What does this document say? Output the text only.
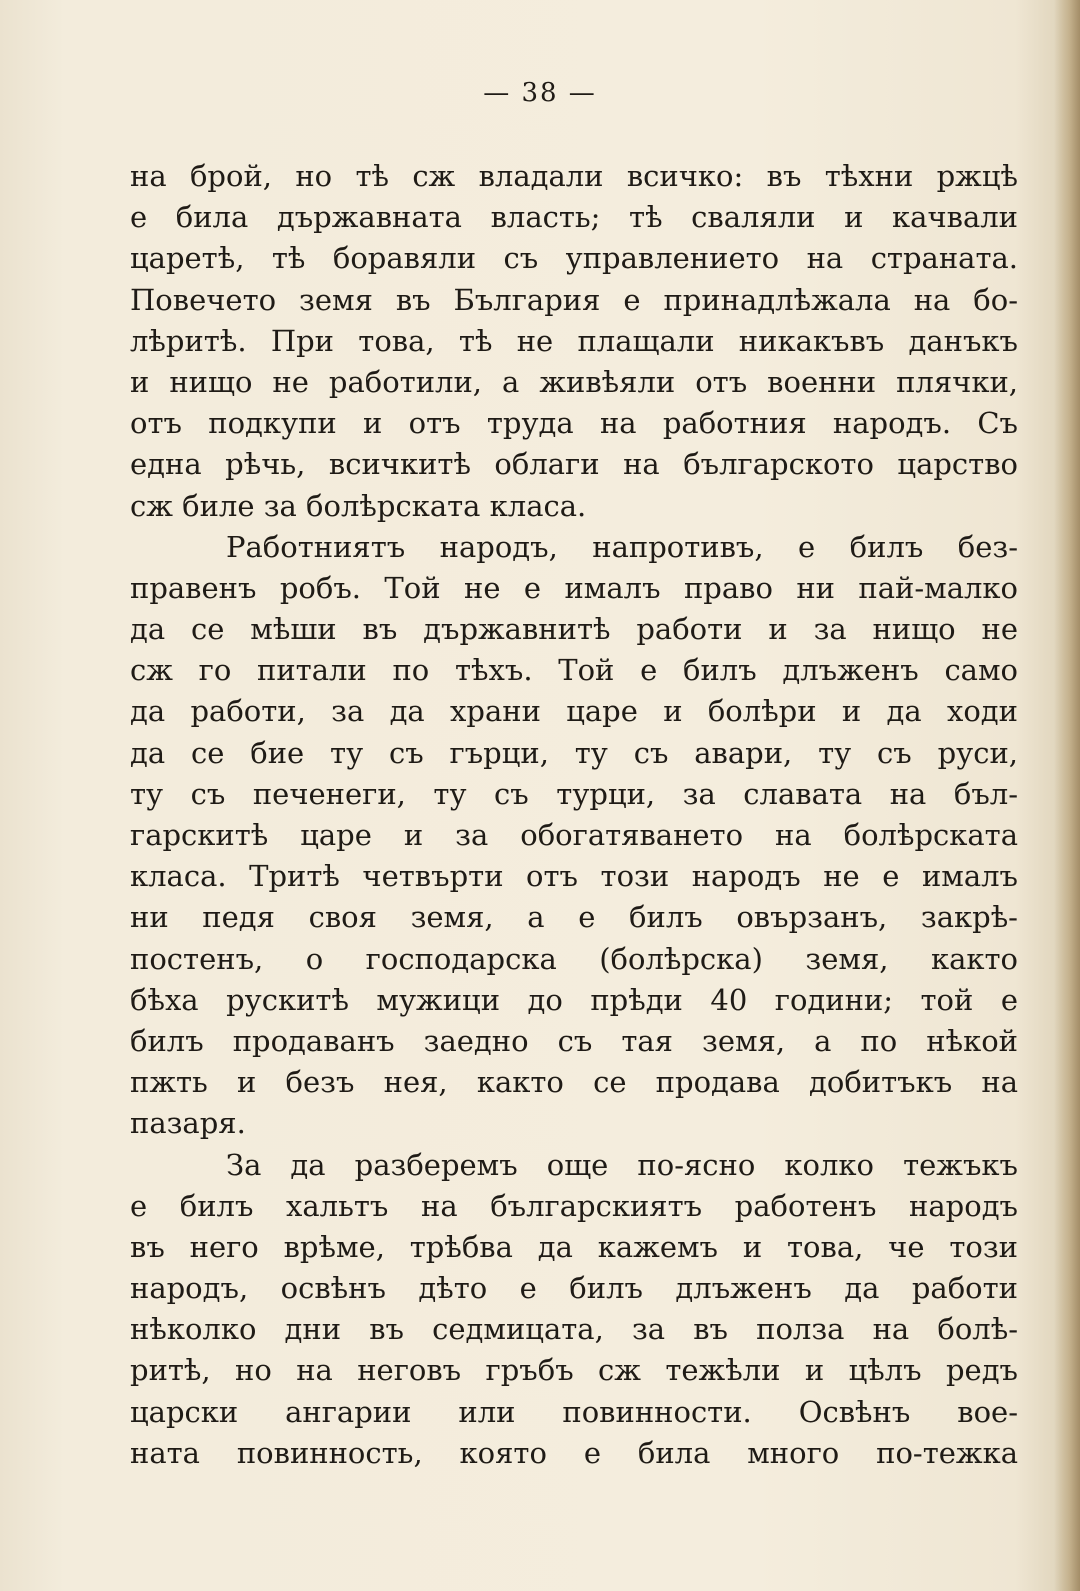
— 38 —
на брой, но тѣ сж владали всичко: въ тѣхни ржцѣ
е била държавната власть; тѣ сваляли и качвали
царетѣ, тѣ боравяли съ управлението на страната.
Повечето земя въ България е принадлѣжала на бо-
лѣритѣ. При това, тѣ не плащали никакъвъ данъкъ
и нищо не работили, а живѣяли отъ военни плячки,
отъ подкупи и отъ труда на работния народъ. Съ
една рѣчь, всичкитѣ облаги на българското царство
сж биле за болѣрската класа.
Работниятъ народъ, напротивъ, е билъ без-
правенъ робъ. Той не е ималъ право ни пай-малко
да се мѣши въ държавнитѣ работи и за нищо не
сж го питали по тѣхъ. Той е билъ длъженъ само
да работи, за да храни царе и болѣри и да ходи
да се бие ту съ гърци, ту съ авари, ту съ руси,
ту съ печенеги, ту съ турци, за славата на бъл-
гарскитѣ царе и за обогатяването на болѣрската
класа. Тритѣ четвърти отъ този народъ не е ималъ
ни педя своя земя, а е билъ овързанъ, закрѣ-
постенъ, о господарска (болѣрска) земя, както
бѣха рускитѣ мужици до прѣди 40 години; той е
билъ продаванъ заедно съ тая земя, а по нѣкой
пжть и безъ нея, както се продава добитъкъ на
пазаря.
За да разберемъ още по-ясно колко тежъкъ
е билъ хальтъ на българскиятъ работенъ народъ
въ него врѣме, трѣбва да кажемъ и това, че този
народъ, освѣнъ дѣто е билъ длъженъ да работи
нѣколко дни въ седмицата, за въ полза на болѣ-
ритѣ, но на неговъ гръбъ сж тежѣли и цѣлъ редъ
царски ангарии или повинности. Освѣнъ вое-
ната повинность, която е била много по-тежка
